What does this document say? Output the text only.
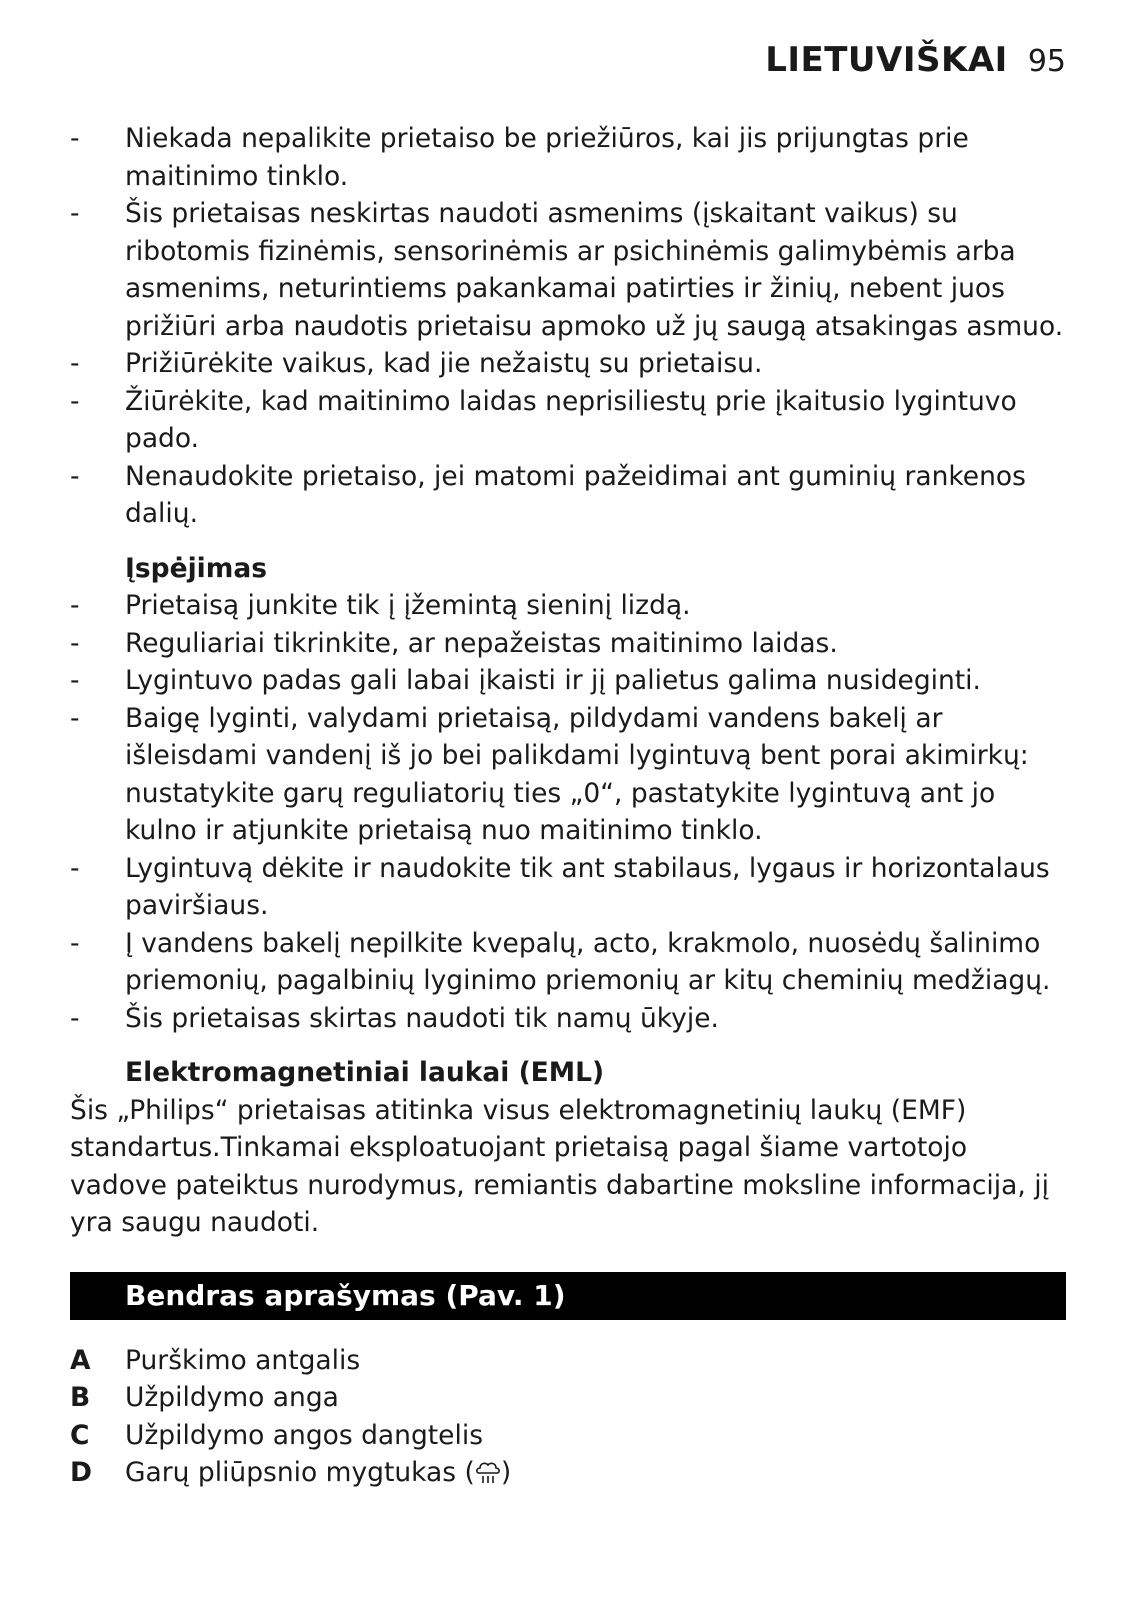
LIETUVIŠKAI 95
- Niekada nepalikite prietaiso be priežiūros, kai jis prijungtas prie maitinimo tinklo.
- Šis prietaisas neskirtas naudoti asmenims (įskaitant vaikus) su ribotomis fizinėmis, sensorinėmis ar psichinėmis galimybėmis arba asmenims, neturintiems pakankamai patirties ir žinių, nebent juos prižiūri arba naudotis prietaisu apmoko už jų saugą atsakingas asmuo.
- Prižiūrėkite vaikus, kad jie nežaistų su prietaisu.
- Žiūrėkite, kad maitinimo laidas neprisiliestų prie įkaitusio lygintuvo pado.
- Nenaudokite prietaiso, jei matomi pažeidimai ant guminių rankenos dalių.
Įspėjimas
- Prietaisą junkite tik į įžemintą sieninį lizdą.
- Reguliariai tikrinkite, ar nepažeistas maitinimo laidas.
- Lygintuvo padas gali labai įkaisti ir jį palietus galima nusideginti.
- Baigę lyginti, valydami prietaisą, pildydami vandens bakelį ar išleisdami vandenį iš jo bei palikdami lygintuvą bent porai akimirkų: nustatykite garų reguliatorių ties „0“, pastatykite lygintuvą ant jo kulno ir atjunkite prietaisą nuo maitinimo tinklo.
- Lygintuvą dėkite ir naudokite tik ant stabilaus, lygaus ir horizontalaus paviršiaus.
- Į vandens bakelį nepilkite kvepalų, acto, krakmolo, nuosėdų šalinimo priemonių, pagalbinių lyginimo priemonių ar kitų cheminių medžiagų.
- Šis prietaisas skirtas naudoti tik namų ūkyje.
Elektromagnetiniai laukai (EML)

Šis „Philips“ prietaisas atitinka visus elektromagnetinių laukų (EMF) standartus.Tinkamai eksploatuojant prietaisą pagal šiame vartotojo vadove pateiktus nurodymus, remiantis dabartine moksline informacija, jį yra saugu naudoti.

Bendras aprašymas (Pav. 1)
A	Purškimo antgalis
B	Užpildymo anga
C	Užpildymo angos dangtelis
D	Garų pliūpsnio mygtukas ( )
